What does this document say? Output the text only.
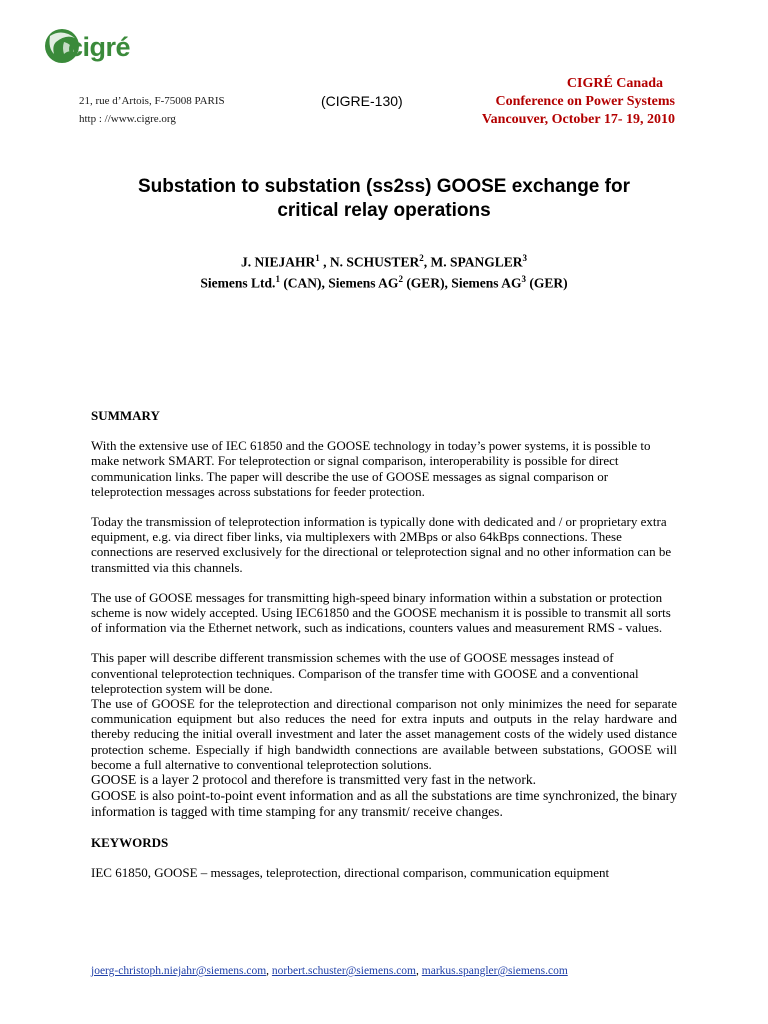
cigré
21, rue d’Artois, F-75008 PARIS
http : //www.cigre.org
(CIGRE-130)
CIGRÉ Canada
Conference on Power Systems
Vancouver, October 17- 19, 2010
Substation to substation (ss2ss) GOOSE exchange for
critical relay operations
J. NIEJAHR$^1$ , N. SCHUSTER$^2$, M. SPANGLER$^3$
Siemens Ltd.$^1$ (CAN), Siemens $AG^2$ (GER), Siemens $AG^3$ (GER)
SUMMARY

With the extensive use of IEC 61850 and the GOOSE technology in today’s power systems, it is possible to make network SMART. For teleprotection or signal comparison, interoperability is possible for direct communication links. The paper will describe the use of GOOSE messages as signal comparison or teleprotection messages across substations for feeder protection.

Today the transmission of teleprotection information is typically done with dedicated and / or proprietary extra equipment, e.g. via direct fiber links, via multiplexers with 2MBps or also 64kBps connections. These connections are reserved exclusively for the directional or teleprotection signal and no other information can be transmitted via this channels.

The use of GOOSE messages for transmitting high-speed binary information within a substation or protection scheme is now widely accepted. Using IEC61850 and the GOOSE mechanism it is possible to transmit all sorts of information via the Ethernet network, such as indications, counters values and measurement RMS - values.

This paper will describe different transmission schemes with the use of GOOSE messages instead of conventional teleprotection techniques. Comparison of the transfer time with GOOSE and a conventional teleprotection system will be done.

The use of GOOSE for the teleprotection and directional comparison not only minimizes the need for separate communication equipment but also reduces the need for extra inputs and outputs in the relay hardware and thereby reducing the initial overall investment and later the asset management costs of the widely used distance protection scheme. Especially if high bandwidth connections are available between substations, GOOSE will become a full alternative to conventional teleprotection solutions.

GOOSE is a layer 2 protocol and therefore is transmitted very fast in the network.

GOOSE is also point-to-point event information and as all the substations are time synchronized, the binary information is tagged with time stamping for any transmit/ receive changes.

KEYWORDS

IEC 61850, GOOSE – messages, teleprotection, directional comparison, communication equipment

joerg-christoph.niejahr@siemens.com, norbert.schuster@siemens.com, markus.spangler@siemens.com
